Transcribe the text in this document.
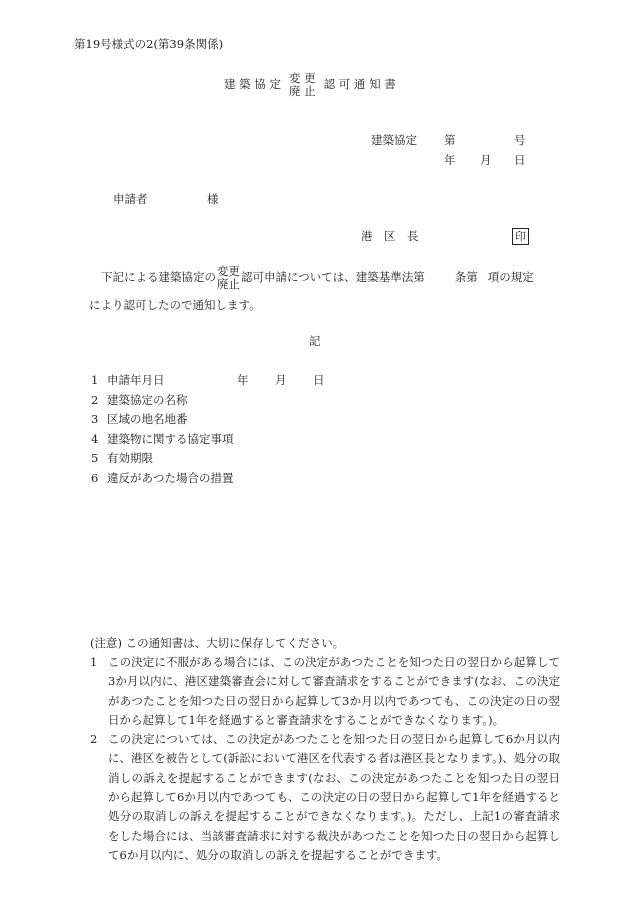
第19号様式の2(第39条関係)
建 築 協 定 変 更
廃 止 認 可 通 知 書
建築協定 第	号
年 月 日
申請者	様
港　区　長	印
下記による建築協定の 変更
廃止 認可申請については、建築基準法第	条第 項の規定
により認可したので通知します。
記
1 申請年月日	年	月	日
2 建築協定の名称
3 区域の地名地番
4 建築物に関する協定事項
5 有効期限
6 違反があつた場合の措置
(注意) この通知書は、大切に保存してください。
1 この決定に不服がある場合には、この決定があつたことを知つた日の翌日から起算して3か月以内に、港区建築審査会に対して審査請求をすることができます(なお、この決定があつたことを知つた日の翌日から起算して3か月以内であつても、この決定の日の翌日から起算して1年を経過すると審査請求をすることができなくなります。)。
2 この決定については、この決定があつたことを知つた日の翌日から起算して6か月以内に、港区を被告として(訴訟において港区を代表する者は港区長となります。)、処分の取消しの訴えを提起することができます(なお、この決定があつたことを知つた日の翌日から起算して6か月以内であつても、この決定の日の翌日から起算して1年を経過すると処分の取消しの訴えを提起することができなくなります。)。ただし、上記1の審査請求をした場合には、当該審査請求に対する裁決があつたことを知つた日の翌日から起算して6か月以内に、処分の取消しの訴えを提起することができます。
